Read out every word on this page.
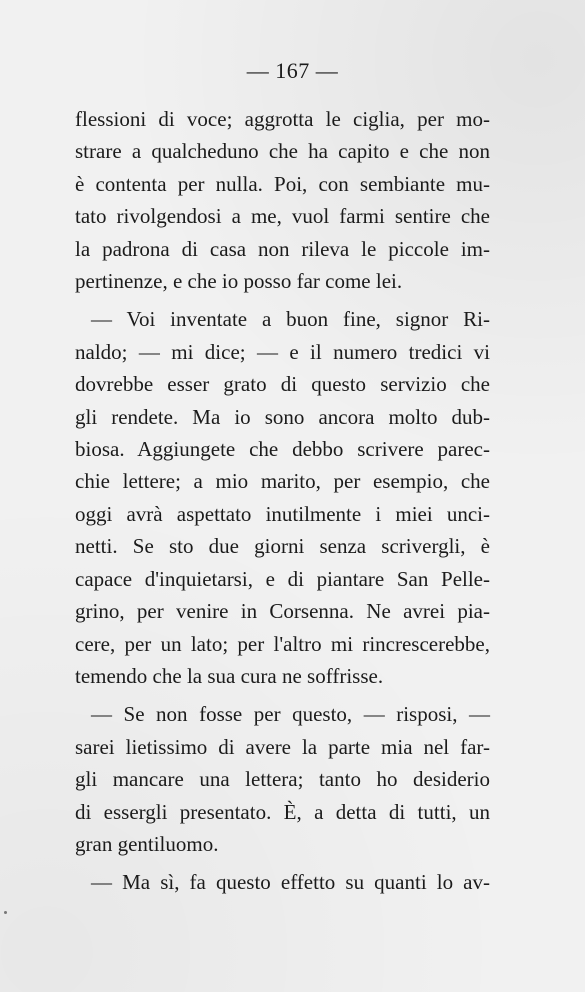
— 167 —
flessioni di voce; aggrotta le ciglia, per mo-
strare a qualcheduno che ha capito e che non
è contenta per nulla. Poi, con sembiante mu-
tato rivolgendosi a me, vuol farmi sentire che
la padrona di casa non rileva le piccole im-
pertinenze, e che io posso far come lei.
— Voi inventate a buon fine, signor Ri-
naldo; — mi dice; — e il numero tredici vi
dovrebbe esser grato di questo servizio che
gli rendete. Ma io sono ancora molto dub-
biosa. Aggiungete che debbo scrivere parec-
chie lettere; a mio marito, per esempio, che
oggi avrà aspettato inutilmente i miei unci-
netti. Se sto due giorni senza scrivergli, è
capace d'inquietarsi, e di piantare San Pelle-
grino, per venire in Corsenna. Ne avrei pia-
cere, per un lato; per l'altro mi rincrescerebbe,
temendo che la sua cura ne soffrisse.
— Se non fosse per questo, — risposi, —
sarei lietissimo di avere la parte mia nel far-
gli mancare una lettera; tanto ho desiderio
di essergli presentato. È, a detta di tutti, un
gran gentiluomo.
— Ma sì, fa questo effetto su quanti lo av-
